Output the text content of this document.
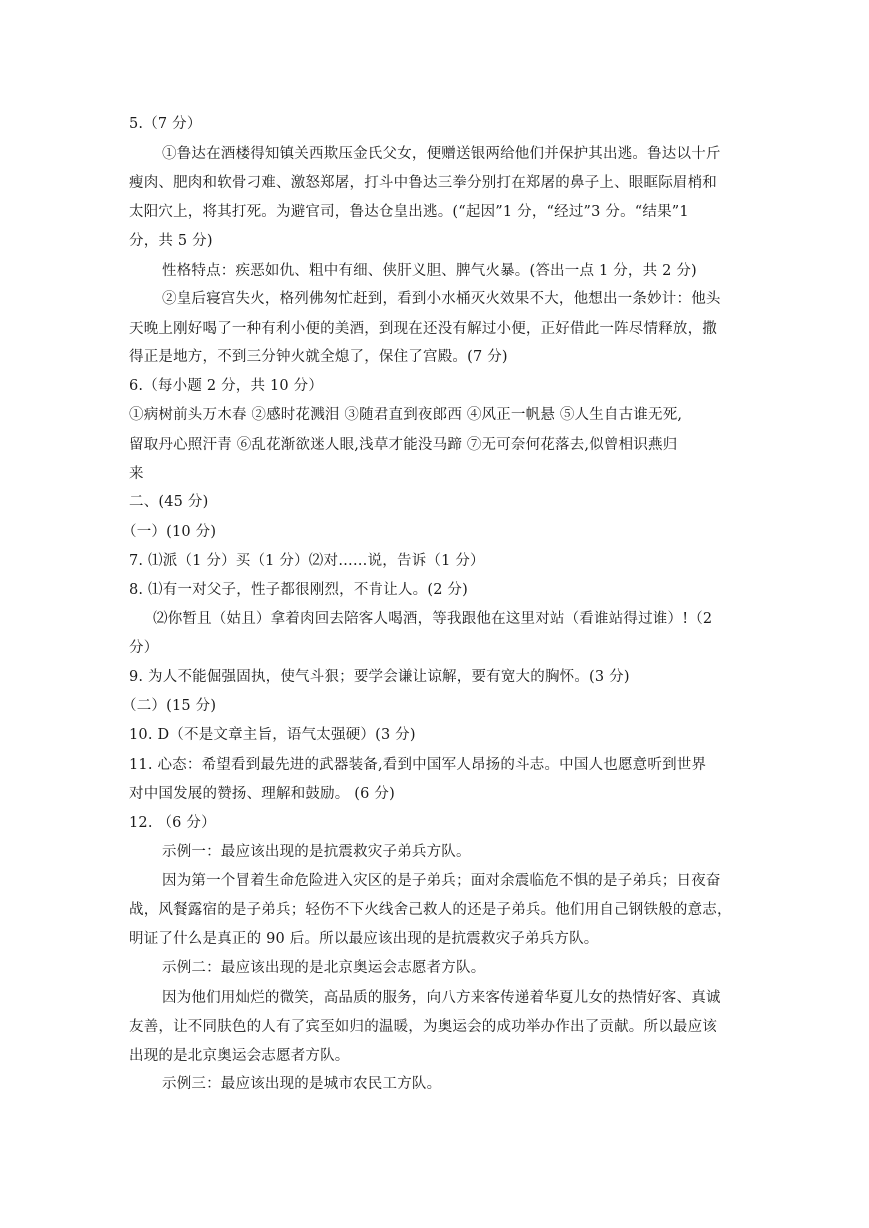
5.（7 分）
①鲁达在酒楼得知镇关西欺压金氏父女，便赠送银两给他们并保护其出逃。鲁达以十斤
瘦肉、肥肉和软骨刁难、激怒郑屠，打斗中鲁达三拳分别打在郑屠的鼻子上、眼眶际眉梢和
太阳穴上，将其打死。为避官司，鲁达仓皇出逃。(“起因”1 分，“经过”3 分。“结果”1
分，共 5 分)
性格特点：疾恶如仇、粗中有细、侠肝义胆、脾气火暴。(答出一点 1 分，共 2 分)
②皇后寝宫失火，格列佛匆忙赶到，看到小水桶灭火效果不大，他想出一条妙计：他头
天晚上刚好喝了一种有利小便的美酒，到现在还没有解过小便，正好借此一阵尽情释放，撒
得正是地方，不到三分钟火就全熄了，保住了宫殿。(7 分)
6.（每小题 2 分，共 10 分）
①病树前头万木春 ②感时花溅泪 ③随君直到夜郎西 ④风正一帆悬 ⑤人生自古谁无死,
留取丹心照汗青 ⑥乱花渐欲迷人眼,浅草才能没马蹄 ⑦无可奈何花落去,似曾相识燕归
来
二、(45 分)
（一）(10 分)
7. ⑴派（1 分）买（1 分）⑵对……说，告诉（1 分）
8. ⑴有一对父子，性子都很刚烈，不肯让人。(2 分)
⑵你暂且（姑且）拿着肉回去陪客人喝酒，等我跟他在这里对站（看谁站得过谁）!（2
分）
9. 为人不能倔强固执，使气斗狠；要学会谦让谅解，要有宽大的胸怀。(3 分)
（二）(15 分)
10. D（不是文章主旨，语气太强硬）(3 分)
11. 心态：希望看到最先进的武器装备,看到中国军人昂扬的斗志。中国人也愿意听到世界
对中国发展的赞扬、理解和鼓励。 (6 分)
12. （6 分）
示例一：最应该出现的是抗震救灾子弟兵方队。
因为第一个冒着生命危险进入灾区的是子弟兵；面对余震临危不惧的是子弟兵；日夜奋
战，风餐露宿的是子弟兵；轻伤不下火线舍己救人的还是子弟兵。他们用自己钢铁般的意志，
明证了什么是真正的 90 后。所以最应该出现的是抗震救灾子弟兵方队。
示例二：最应该出现的是北京奥运会志愿者方队。
因为他们用灿烂的微笑，高品质的服务，向八方来客传递着华夏儿女的热情好客、真诚
友善，让不同肤色的人有了宾至如归的温暖，为奥运会的成功举办作出了贡献。所以最应该
出现的是北京奥运会志愿者方队。
示例三：最应该出现的是城市农民工方队。
